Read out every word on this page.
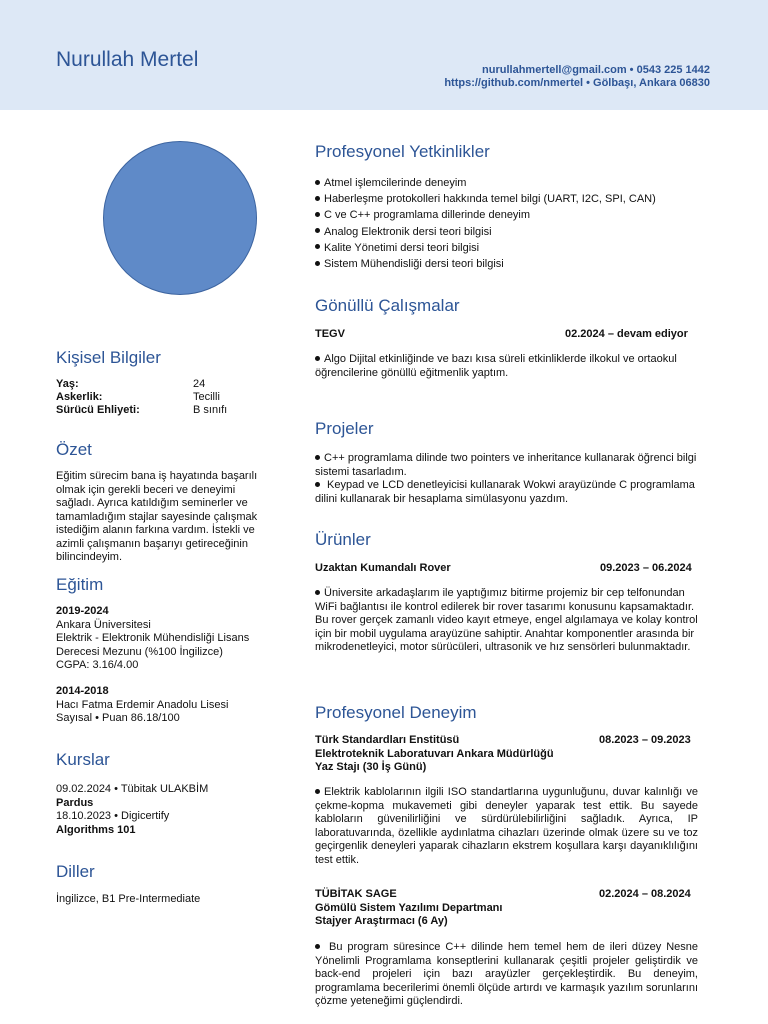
Nurullah Mertel	nurullahmertell@gmail.com • 0543 225 1442
https://github.com/nmertel • Gölbaşı, Ankara 06830
Kişisel Bilgiler
Yaş:	24
Askerlik:	Tecilli
Sürücü Ehliyeti:	B sınıfı
Özet
Eğitim sürecim bana iş hayatında başarılı olmak için gerekli beceri ve deneyimi sağladı. Ayrıca katıldığım seminerler ve tamamladığım stajlar sayesinde çalışmak istediğim alanın farkına vardım. İstekli ve azimli çalışmanın başarıyı getireceğinin bilincindeyim.
Eğitim
2019-2024
Ankara Üniversitesi
Elektrik - Elektronik Mühendisliği Lisans
Derecesi Mezunu (%100 İngilizce)
CGPA: 3.16/4.00
2014-2018
Hacı Fatma Erdemir Anadolu Lisesi
Sayısal • Puan 86.18/100
Kurslar
09.02.2024 • Tübitak ULAKBİM
Pardus
18.10.2023 • Digicertify
Algorithms 101
Diller
İngilizce, B1 Pre-Intermediate
Profesyonel Yetkinlikler
Atmel işlemcilerinde deneyim
Haberleşme protokolleri hakkında temel bilgi (UART, I2C, SPI, CAN)
C ve C++ programlama dillerinde deneyim
Analog Elektronik dersi teori bilgisi
Kalite Yönetimi dersi teori bilgisi
Sistem Mühendisliği dersi teori bilgisi
Gönüllü Çalışmalar
TEGV	02.2024 – devam ediyor
Algo Dijital etkinliğinde ve bazı kısa süreli etkinliklerde ilkokul ve ortaokul öğrencilerine gönüllü eğitmenlik yaptım.
Projeler
C++ programlama dilinde two pointers ve inheritance kullanarak öğrenci bilgi sistemi tasarladım.
Keypad ve LCD denetleyicisi kullanarak Wokwi arayüzünde C programlama dilini kullanarak bir hesaplama simülasyonu yazdım.
Ürünler
Uzaktan Kumandalı Rover	09.2023 – 06.2024
Üniversite arkadaşlarım ile yaptığımız bitirme projemiz bir cep telfonundan WiFi bağlantısı ile kontrol edilerek bir rover tasarımı konusunu kapsamaktadır. Bu rover gerçek zamanlı video kayıt etmeye, engel algılamaya ve kolay kontrol için bir mobil uygulama arayüzüne sahiptir. Anahtar komponentler arasında bir mikrodenetleyici, motor sürücüleri, ultrasonik ve hız sensörleri bulunmaktadır.
Profesyonel Deneyim
Türk Standardları Enstitüsü
Elektroteknik Laboratuvarı Ankara Müdürlüğü
Yaz Stajı (30 İş Günü)
08.2023 – 09.2023
Elektrik kablolarının ilgili ISO standartlarına uygunluğunu, duvar kalınlığı ve çekme-kopma mukavemeti gibi deneyler yaparak test ettik. Bu sayede kabloların güvenilirliğini ve sürdürülebilirliğini sağladık. Ayrıca, IP laboratuvarında, özellikle aydınlatma cihazları üzerinde olmak üzere su ve toz geçirgenlik deneyleri yaparak cihazların ekstrem koşullara karşı dayanıklılığını test ettik.
TÜBİTAK SAGE
Gömülü Sistem Yazılımı Departmanı
Stajyer Araştırmacı (6 Ay)
02.2024 – 08.2024
Bu program süresince C++ dilinde hem temel hem de ileri düzey Nesne Yönelimli Programlama konseptlerini kullanarak çeşitli projeler geliştirdik ve back-end projeleri için bazı arayüzler gerçekleştirdik. Bu deneyim, programlama becerilerimi önemli ölçüde artırdı ve karmaşık yazılım sorunlarını çözme yeteneğimi güçlendirdi.
